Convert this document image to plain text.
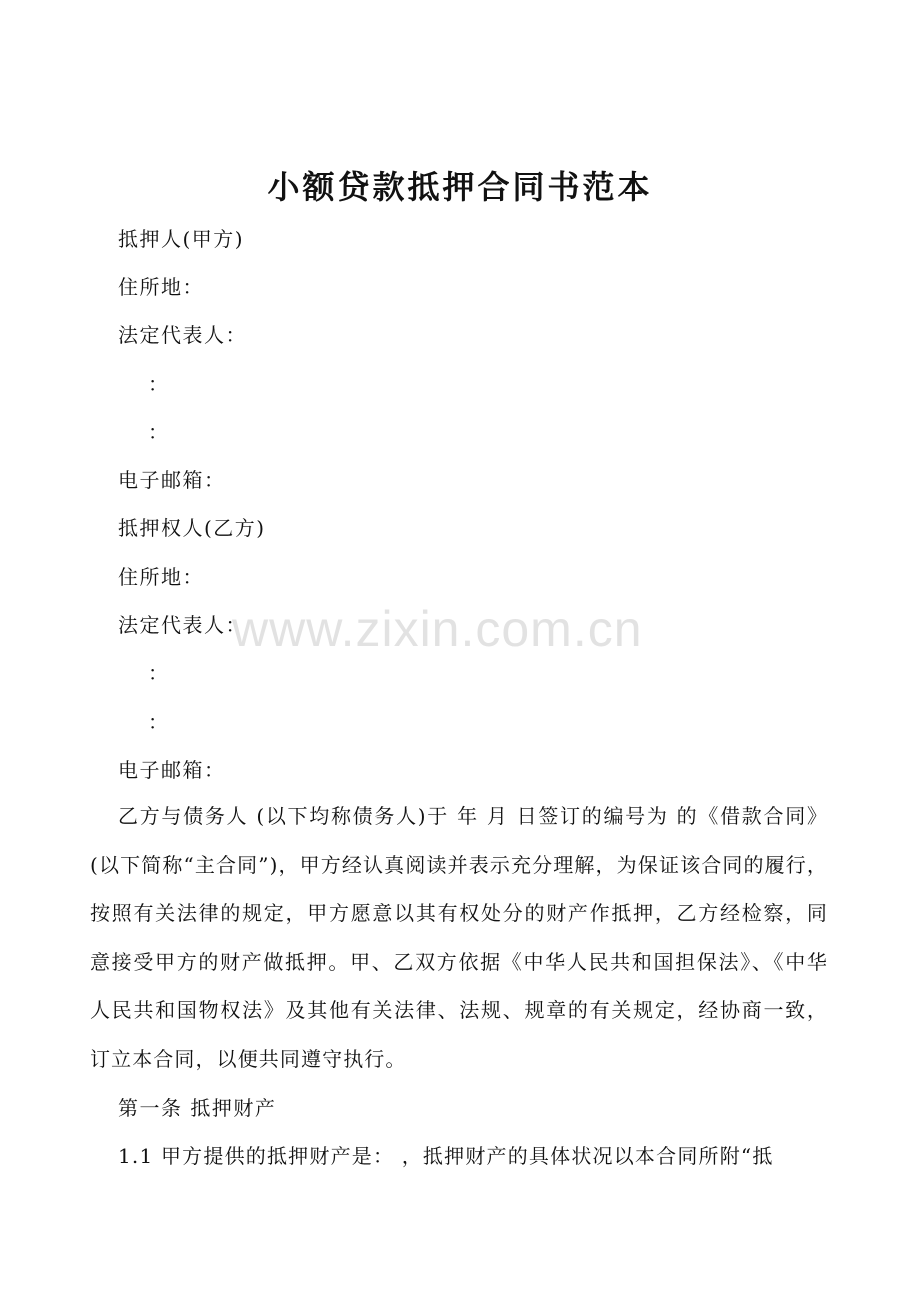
小额贷款抵押合同书范本
抵押人(甲方)
住所地：
法定代表人：
：
：
电子邮箱：
抵押权人(乙方)
住所地：
法定代表人：
：
：
电子邮箱：

乙方与债务人 (以下均称债务人)于 年 月 日签订的编号为 的《借款合同》(以下简称“主合同”)，甲方经认真阅读并表示充分理解，为保证该合同的履行，按照有关法律的规定，甲方愿意以其有权处分的财产作抵押，乙方经检察，同意接受甲方的财产做抵押。甲、乙双方依据《中华人民共和国担保法》、《中华人民共和国物权法》及其他有关法律、法规、规章的有关规定，经协商一致，订立本合同，以便共同遵守执行。

第一条 抵押财产
1.1 甲方提供的抵押财产是： ，抵押财产的具体状况以本合同所附“抵
www.zixin.com.cn
